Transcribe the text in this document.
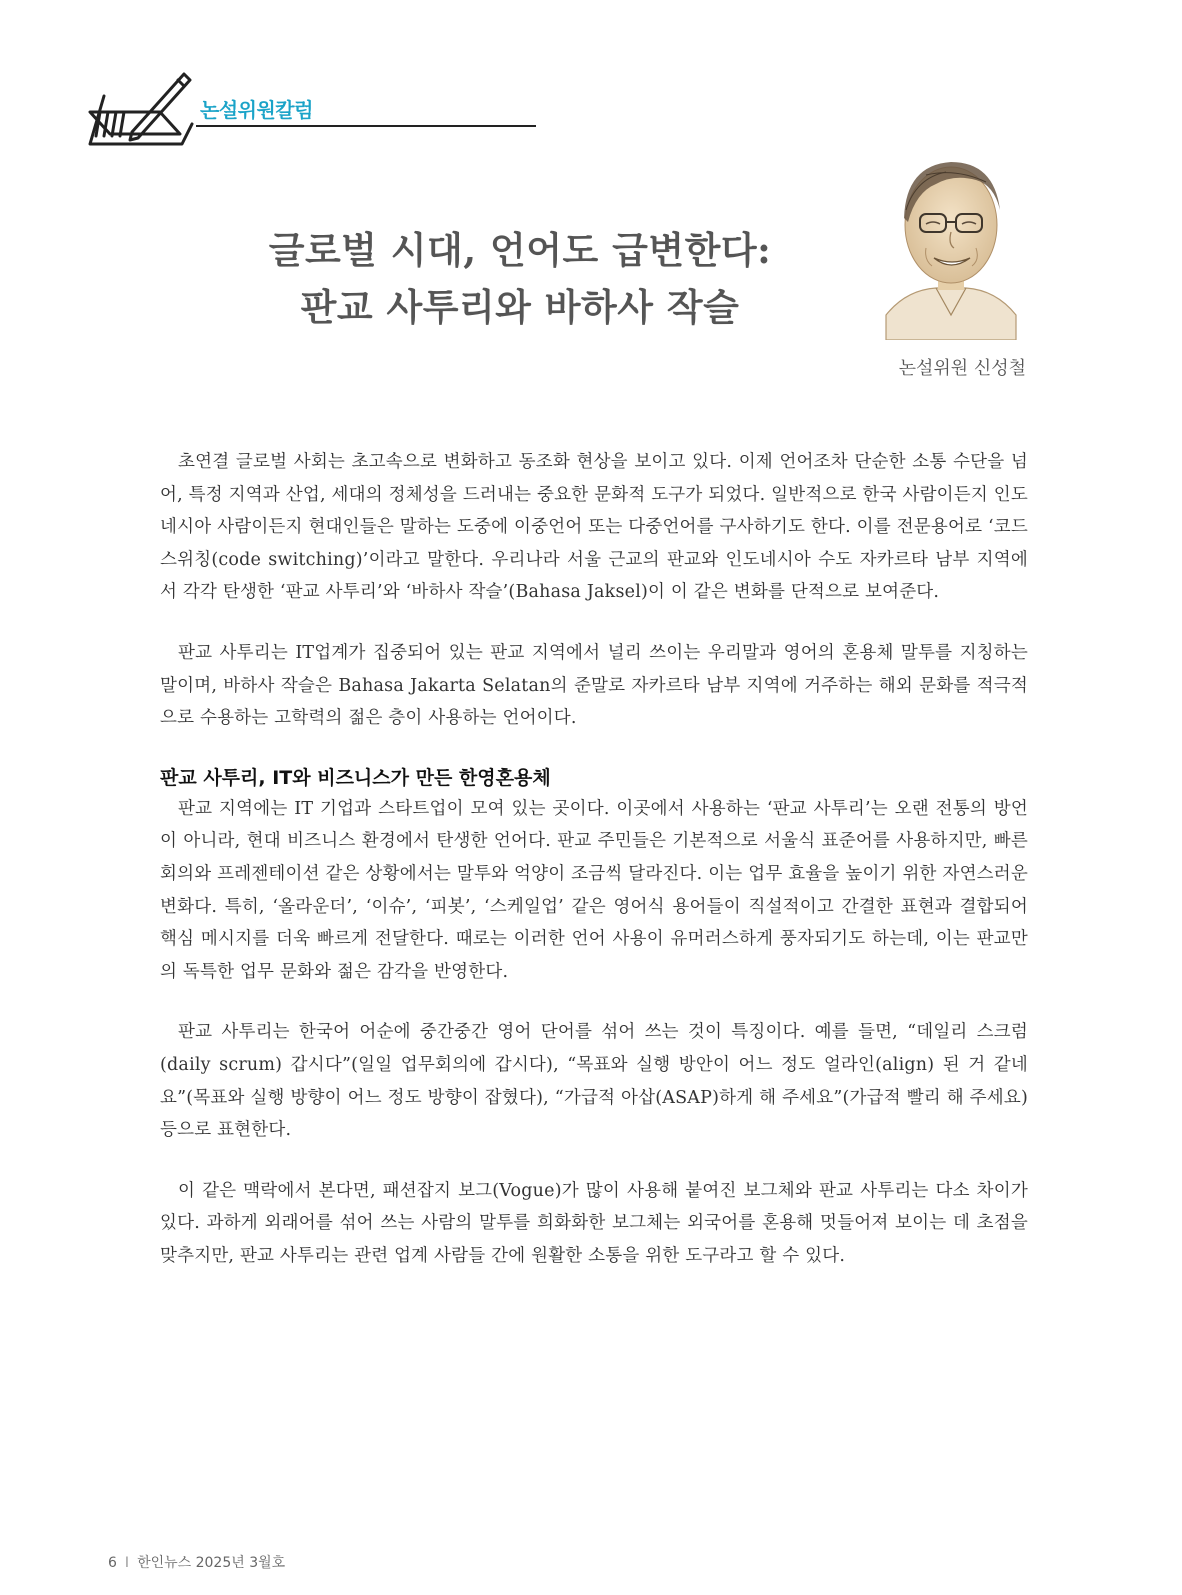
논설위원칼럼
글로벌 시대, 언어도 급변한다:
판교 사투리와 바하사 작슬
논설위원 신성철

초연결 글로벌 사회는 초고속으로 변화하고 동조화 현상을 보이고 있다. 이제 언어조차 단순한 소통 수단을 넘어, 특정 지역과 산업, 세대의 정체성을 드러내는 중요한 문화적 도구가 되었다. 일반적으로 한국 사람이든지 인도네시아 사람이든지 현대인들은 말하는 도중에 이중언어 또는 다중언어를 구사하기도 한다. 이를 전문용어로 ‘코드 스위칭(code switching)’이라고 말한다. 우리나라 서울 근교의 판교와 인도네시아 수도 자카르타 남부 지역에서 각각 탄생한 ‘판교 사투리’와 ‘바하사 작슬’(Bahasa Jaksel)이 이 같은 변화를 단적으로 보여준다.

판교 사투리는 IT업계가 집중되어 있는 판교 지역에서 널리 쓰이는 우리말과 영어의 혼용체 말투를 지칭하는 말이며, 바하사 작슬은 Bahasa Jakarta Selatan의 준말로 자카르타 남부 지역에 거주하는 해외 문화를 적극적으로 수용하는 고학력의 젊은 층이 사용하는 언어이다.

판교 사투리, IT와 비즈니스가 만든 한영혼용체

판교 지역에는 IT 기업과 스타트업이 모여 있는 곳이다. 이곳에서 사용하는 ‘판교 사투리’는 오랜 전통의 방언이 아니라, 현대 비즈니스 환경에서 탄생한 언어다. 판교 주민들은 기본적으로 서울식 표준어를 사용하지만, 빠른 회의와 프레젠테이션 같은 상황에서는 말투와 억양이 조금씩 달라진다. 이는 업무 효율을 높이기 위한 자연스러운 변화다. 특히, ‘올라운더’, ‘이슈’, ‘피봇’, ‘스케일업’ 같은 영어식 용어들이 직설적이고 간결한 표현과 결합되어 핵심 메시지를 더욱 빠르게 전달한다. 때로는 이러한 언어 사용이 유머러스하게 풍자되기도 하는데, 이는 판교만의 독특한 업무 문화와 젊은 감각을 반영한다.

판교 사투리는 한국어 어순에 중간중간 영어 단어를 섞어 쓰는 것이 특징이다. 예를 들면, “데일리 스크럼(daily scrum) 갑시다”(일일 업무회의에 갑시다), “목표와 실행 방안이 어느 정도 얼라인(align) 된 거 같네요”(목표와 실행 방향이 어느 정도 방향이 잡혔다), “가급적 아삽(ASAP)하게 해 주세요”(가급적 빨리 해 주세요) 등으로 표현한다.

이 같은 맥락에서 본다면, 패션잡지 보그(Vogue)가 많이 사용해 붙여진 보그체와 판교 사투리는 다소 차이가 있다. 과하게 외래어를 섞어 쓰는 사람의 말투를 희화화한 보그체는 외국어를 혼용해 멋들어져 보이는 데 초점을 맞추지만, 판교 사투리는 관련 업계 사람들 간에 원활한 소통을 위한 도구라고 할 수 있다.

6 I 한인뉴스 2025년 3월호
